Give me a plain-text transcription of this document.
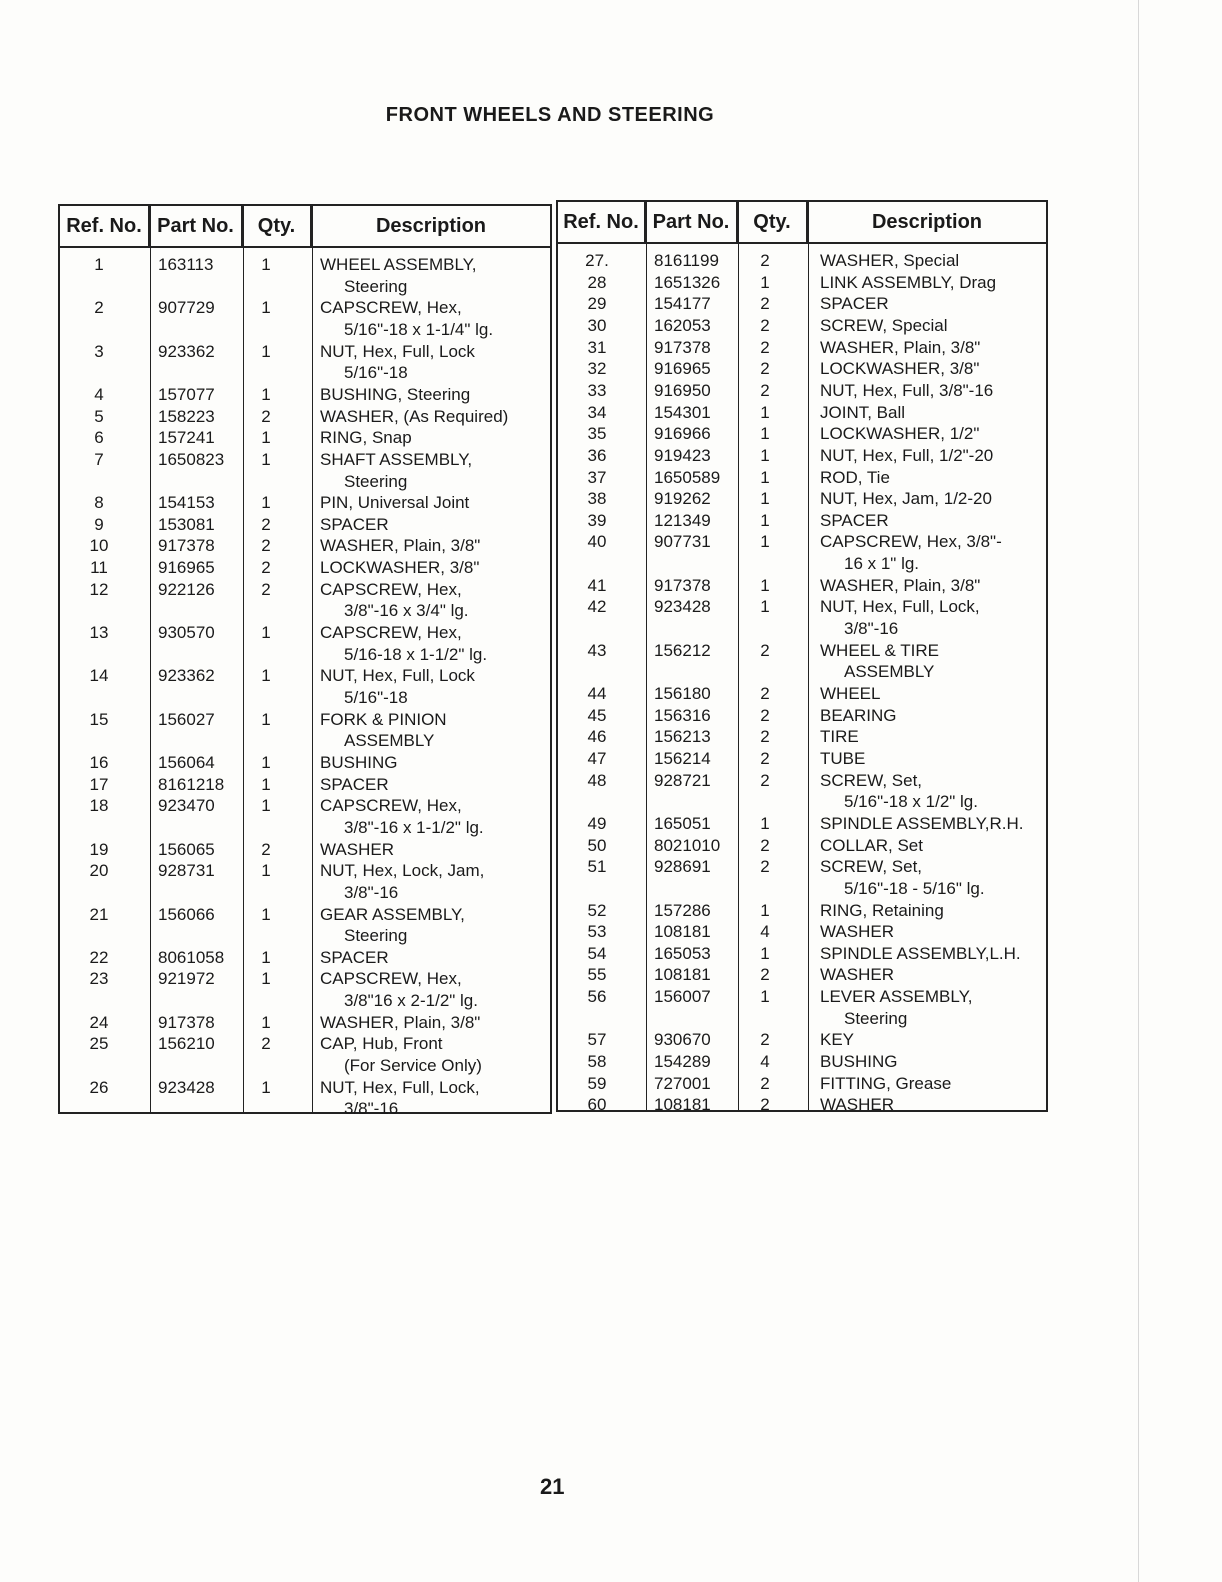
FRONT WHEELS AND STEERING
Ref. No. Part No.	Qty.	Description
1	163113	1	WHEEL ASSEMBLY,
Steering
2	907729	1	CAPSCREW, Hex,
5/16"-18 x 1-1/4" lg.
3	923362	1	NUT, Hex, Full, Lock
5/16"-18
4	157077	1	BUSHING, Steering
5	158223	2	WASHER, (As Required)
6	157241	1	RING, Snap
7	1650823	1	SHAFT ASSEMBLY,
Steering
8	154153	1	PIN, Universal Joint
9	153081	2	SPACER
10	917378	2	WASHER, Plain, 3/8"
11	916965	2	LOCKWASHER, 3/8"
12	922126	2	CAPSCREW, Hex,
3/8"-16 x 3/4" lg.
13	930570	1	CAPSCREW, Hex,
5/16-18 x 1-1/2" lg.
14	923362	1	NUT, Hex, Full, Lock
5/16"-18
15	156027	1	FORK & PINION
ASSEMBLY
16	156064	1	BUSHING
17	8161218	1	SPACER
18	923470	1	CAPSCREW, Hex,
3/8"-16 x 1-1/2" lg.
19	156065	2	WASHER
20	928731	1	NUT, Hex, Lock, Jam,
3/8"-16
21	156066	1	GEAR ASSEMBLY,
Steering
22	8061058	1	SPACER
23	921972	1	CAPSCREW, Hex,
3/8"16 x 2-1/2" lg.
24	917378	1	WASHER, Plain, 3/8"
25	156210	2	CAP, Hub, Front
(For Service Only)
26	923428	1	NUT, Hex, Full, Lock,
3/8"-16
Ref. No. Part No.	Qty.	Description
27.	8161199	2	WASHER, Special
28	1651326	1	LINK ASSEMBLY, Drag
29	154177	2	SPACER
30	162053	2	SCREW, Special
31	917378	2	WASHER, Plain, 3/8"
32	916965	2	LOCKWASHER, 3/8"
33	916950	2	NUT, Hex, Full, 3/8"-16
34	154301	1	JOINT, Ball
35	916966	1	LOCKWASHER, 1/2"
36	919423	1	NUT, Hex, Full, 1/2"-20
37	1650589	1	ROD, Tie
38	919262	1	NUT, Hex, Jam, 1/2-20
39	121349	1	SPACER
40	907731	1	CAPSCREW, Hex, 3/8"-
16 x 1" lg.
41	917378	1	WASHER, Plain, 3/8"
42	923428	1	NUT, Hex, Full, Lock,
3/8"-16
43	156212	2	WHEEL & TIRE
ASSEMBLY
44	156180	2	WHEEL
45	156316	2	BEARING
46	156213	2	TIRE
47	156214	2	TUBE
48	928721	2	SCREW, Set,
5/16"-18 x 1/2" lg.
49	165051	1	SPINDLE ASSEMBLY,R.H.
50	8021010	2	COLLAR, Set
51	928691	2	SCREW, Set,
5/16"-18 - 5/16" lg.
52	157286	1	RING, Retaining
53	108181	4	WASHER
54	165053	1	SPINDLE ASSEMBLY,L.H.
55	108181	2	WASHER
56	156007	1	LEVER ASSEMBLY,
Steering
57	930670	2	KEY
58	154289	4	BUSHING
59	727001	2	FITTING, Grease
60	108181	2	WASHER
21
